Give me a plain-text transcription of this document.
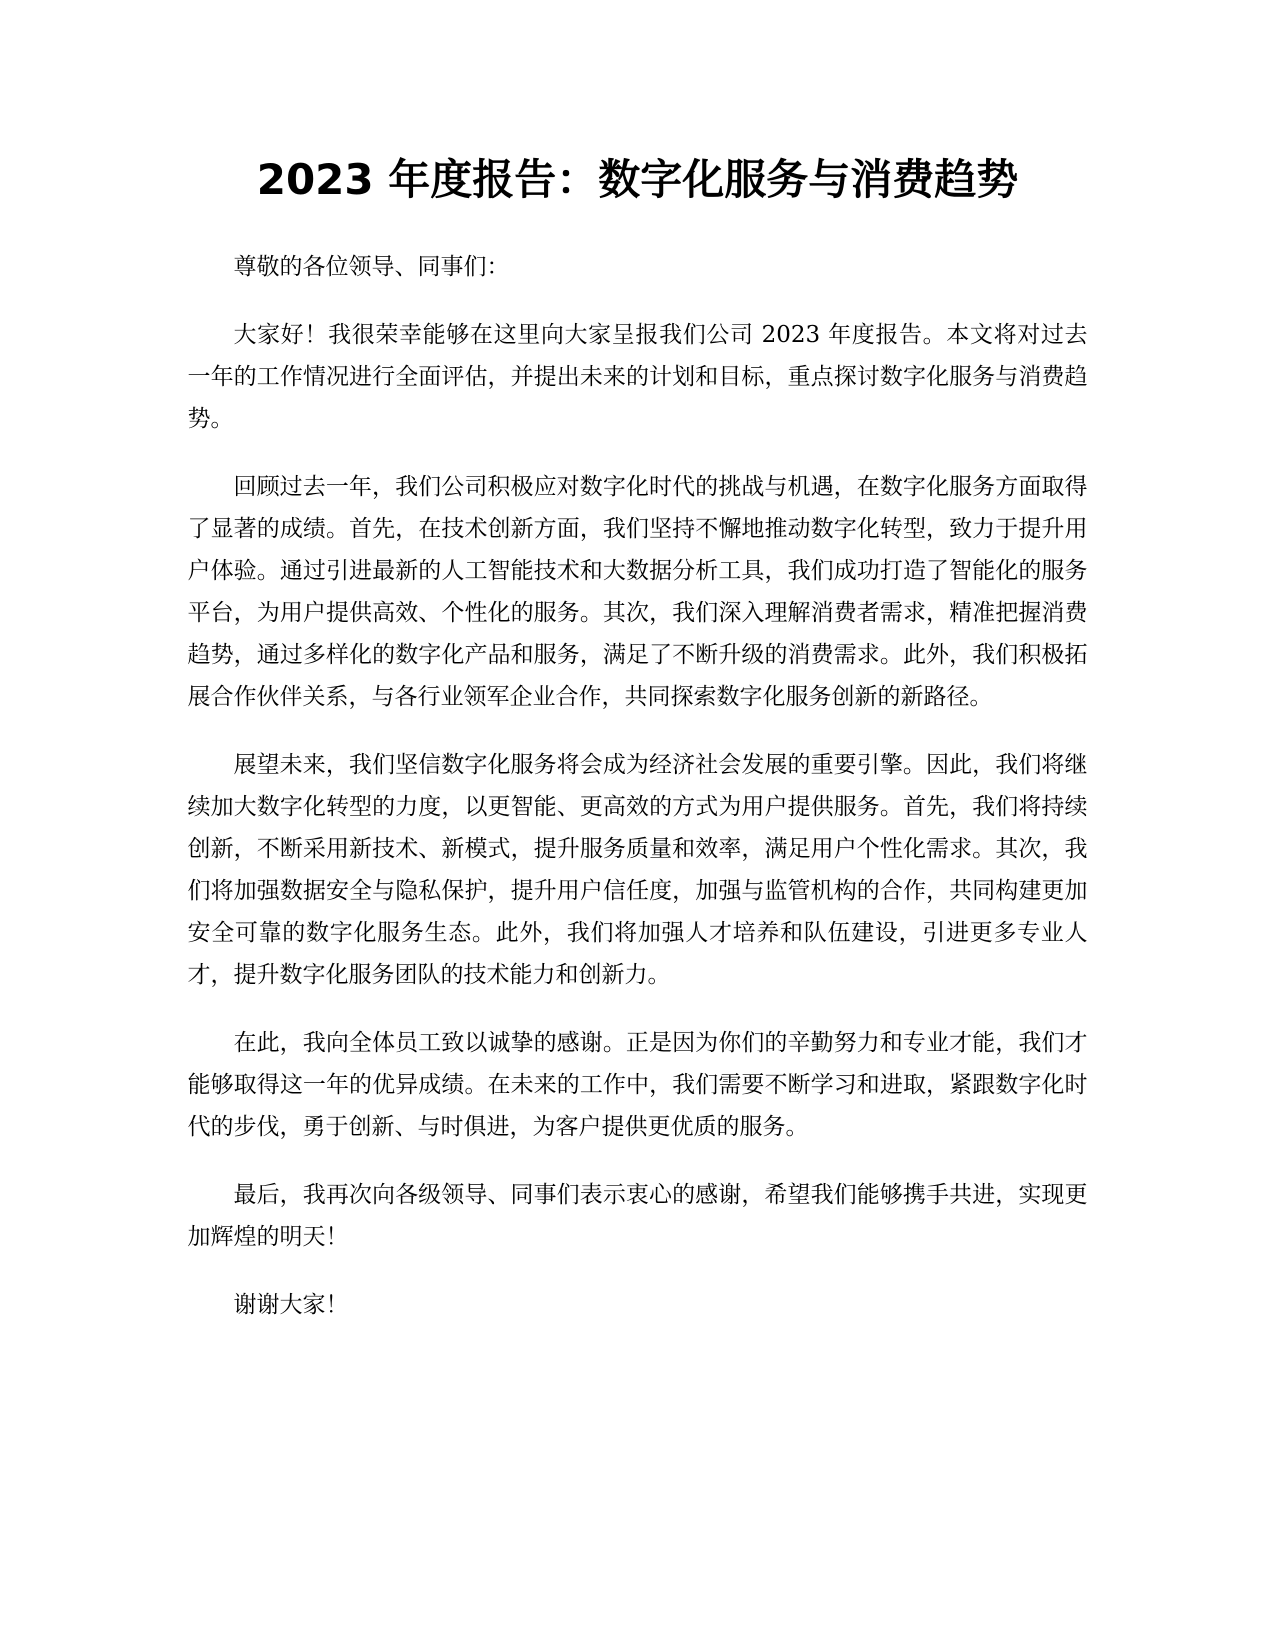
2023 年度报告：数字化服务与消费趋势

尊敬的各位领导、同事们：

大家好！我很荣幸能够在这里向大家呈报我们公司 2023 年度报告。本文将对过去一年的工作情况进行全面评估，并提出未来的计划和目标，重点探讨数字化服务与消费趋势。

回顾过去一年，我们公司积极应对数字化时代的挑战与机遇，在数字化服务方面取得了显著的成绩。首先，在技术创新方面，我们坚持不懈地推动数字化转型，致力于提升用户体验。通过引进最新的人工智能技术和大数据分析工具，我们成功打造了智能化的服务平台，为用户提供高效、个性化的服务。其次，我们深入理解消费者需求，精准把握消费趋势，通过多样化的数字化产品和服务，满足了不断升级的消费需求。此外，我们积极拓展合作伙伴关系，与各行业领军企业合作，共同探索数字化服务创新的新路径。

展望未来，我们坚信数字化服务将会成为经济社会发展的重要引擎。因此，我们将继续加大数字化转型的力度，以更智能、更高效的方式为用户提供服务。首先，我们将持续创新，不断采用新技术、新模式，提升服务质量和效率，满足用户个性化需求。其次，我们将加强数据安全与隐私保护，提升用户信任度，加强与监管机构的合作，共同构建更加安全可靠的数字化服务生态。此外，我们将加强人才培养和队伍建设，引进更多专业人才，提升数字化服务团队的技术能力和创新力。

在此，我向全体员工致以诚挚的感谢。正是因为你们的辛勤努力和专业才能，我们才能够取得这一年的优异成绩。在未来的工作中，我们需要不断学习和进取，紧跟数字化时代的步伐，勇于创新、与时俱进，为客户提供更优质的服务。

最后，我再次向各级领导、同事们表示衷心的感谢，希望我们能够携手共进，实现更加辉煌的明天！

谢谢大家！
